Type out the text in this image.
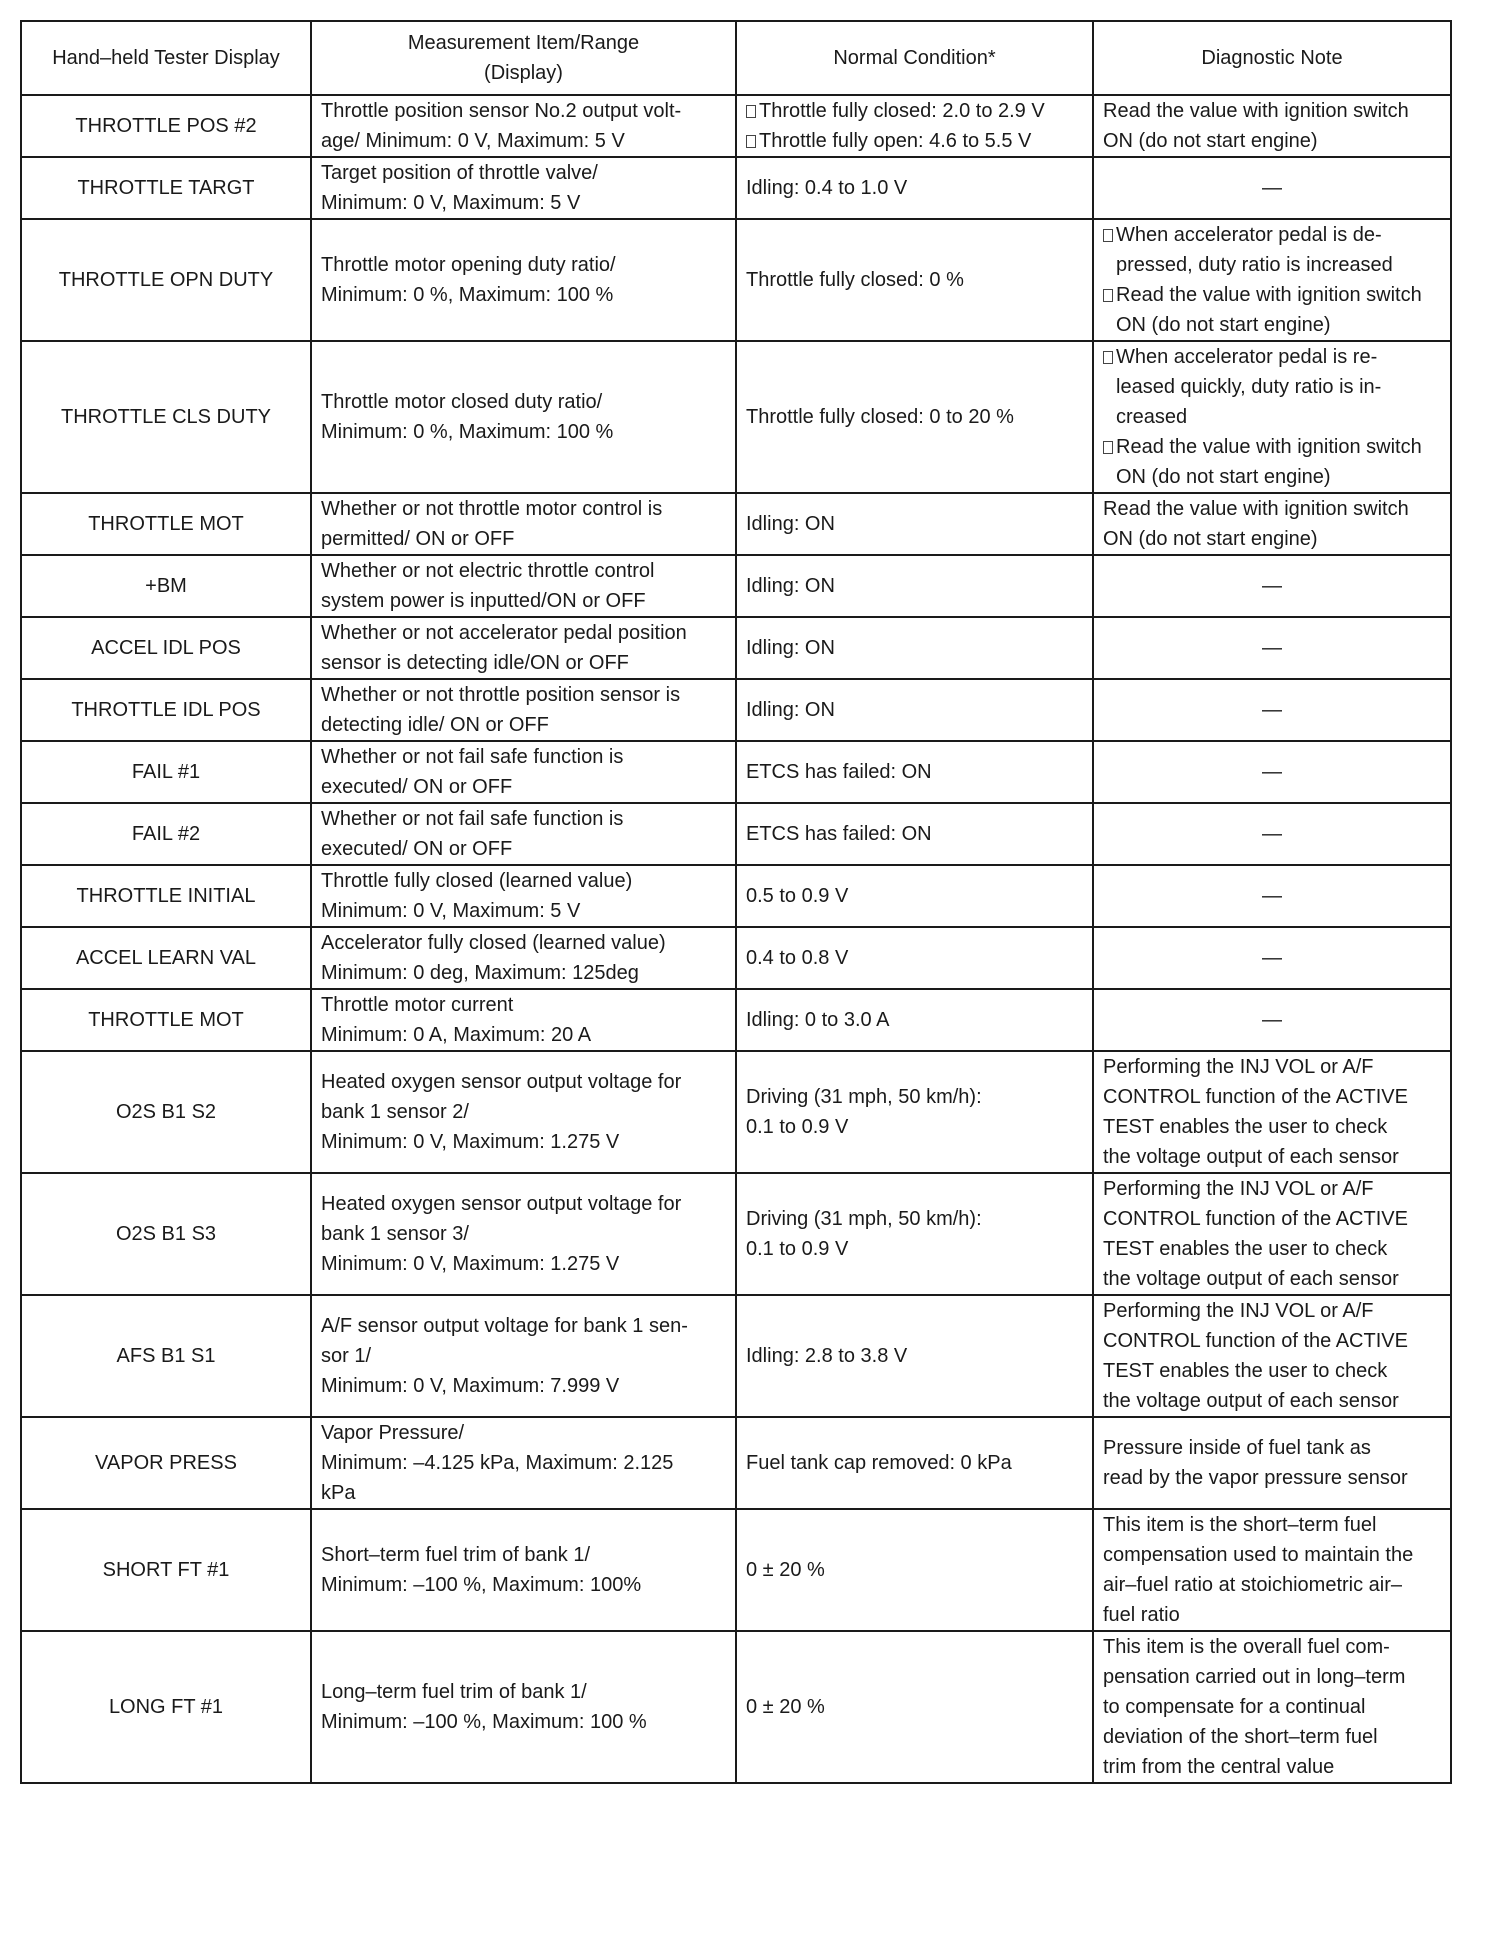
Hand–held Tester Display	Measurement Item/Range
(Display)	Normal Condition*	Diagnostic Note
THROTTLE POS #2	Throttle position sensor No.2 output volt-
age/ Minimum: 0 V, Maximum: 5 V	Throttle fully closed: 2.0 to 2.9 V
Throttle fully open: 4.6 to 5.5 V	Read the value with ignition switch
ON (do not start engine)

THROTTLE TARGT	Target position of throttle valve/
Minimum: 0 V, Maximum: 5 V	Idling: 0.4 to 1.0 V	—

THROTTLE OPN DUTY	Throttle motor opening duty ratio/
Minimum: 0 %, Maximum: 100 %	Throttle fully closed: 0 %	When accelerator pedal is de- pressed, duty ratio is increased
Read the value with ignition switch ON (do not start engine)

THROTTLE CLS DUTY	Throttle motor closed duty ratio/
Minimum: 0 %, Maximum: 100 %	Throttle fully closed: 0 to 20 %	When accelerator pedal is re- leased quickly, duty ratio is in- creased
Read the value with ignition switch ON (do not start engine)

THROTTLE MOT	Whether or not throttle motor control is
permitted/ ON or OFF	Idling: ON	Read the value with ignition switch
ON (do not start engine)

+BM	Whether or not electric throttle control
system power is inputted/ON or OFF	Idling: ON	—

ACCEL IDL POS	Whether or not accelerator pedal position
sensor is detecting idle/ON or OFF	Idling: ON	—

THROTTLE IDL POS	Whether or not throttle position sensor is
detecting idle/ ON or OFF	Idling: ON	—

FAIL #1	Whether or not fail safe function is
executed/ ON or OFF	ETCS has failed: ON	—

FAIL #2	Whether or not fail safe function is
executed/ ON or OFF	ETCS has failed: ON	—

THROTTLE INITIAL	Throttle fully closed (learned value)
Minimum: 0 V, Maximum: 5 V	0.5 to 0.9 V	—

ACCEL LEARN VAL	Accelerator fully closed (learned value)
Minimum: 0 deg, Maximum: 125deg	0.4 to 0.8 V	—

THROTTLE MOT	Throttle motor current
Minimum: 0 A, Maximum: 20 A	Idling: 0 to 3.0 A	—

O2S B1 S2	Heated oxygen sensor output voltage for
bank 1 sensor 2/
Minimum: 0 V, Maximum: 1.275 V	Driving (31 mph, 50 km/h):
0.1 to 0.9 V	Performing the INJ VOL or A/F
CONTROL function of the ACTIVE
TEST enables the user to check
the voltage output of each sensor

O2S B1 S3	Heated oxygen sensor output voltage for
bank 1 sensor 3/
Minimum: 0 V, Maximum: 1.275 V	Driving (31 mph, 50 km/h):
0.1 to 0.9 V	Performing the INJ VOL or A/F
CONTROL function of the ACTIVE
TEST enables the user to check
the voltage output of each sensor

AFS B1 S1	A/F sensor output voltage for bank 1 sen-
sor 1/
Minimum: 0 V, Maximum: 7.999 V	Idling: 2.8 to 3.8 V	Performing the INJ VOL or A/F
CONTROL function of the ACTIVE
TEST enables the user to check
the voltage output of each sensor

VAPOR PRESS	Vapor Pressure/
Minimum: –4.125 kPa, Maximum: 2.125
kPa	Fuel tank cap removed: 0 kPa	Pressure inside of fuel tank as
read by the vapor pressure sensor

SHORT FT #1	Short–term fuel trim of bank 1/
Minimum: –100 %, Maximum: 100%	0 ± 20 %	This item is the short–term fuel
compensation used to maintain the
air–fuel ratio at stoichiometric air–
fuel ratio

LONG FT #1	Long–term fuel trim of bank 1/
Minimum: –100 %, Maximum: 100 %	0 ± 20 %	This item is the overall fuel com-
pensation carried out in long–term
to compensate for a continual
deviation of the short–term fuel
trim from the central value
